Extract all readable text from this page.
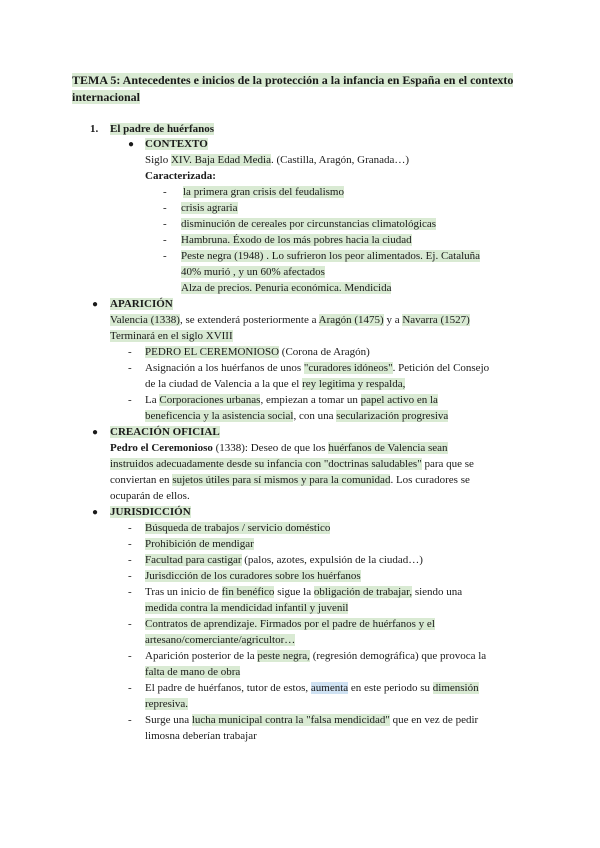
TEMA 5: Antecedentes e inicios de la protección a la infancia en España en el contexto internacional
1. El padre de huérfanos
● CONTEXTO
Siglo XIV. Baja Edad Media. (Castilla, Aragón, Granada…)
Caracterizada:
- la primera gran crisis del feudalismo
- crisis agraria
- disminución de cereales por circunstancias climatológicas
- Hambruna. Éxodo de los más pobres hacia la ciudad
- Peste negra (1948) . Lo sufrieron los peor alimentados. Ej. Cataluña
40% murió , y un 60% afectados
Alza de precios. Penuria económica. Mendicida
● APARICIÓN
Valencia (1338), se extenderá posteriormente a Aragón (1475) y a Navarra (1527)
Terminará en el siglo XVIII
- PEDRO EL CEREMONIOSO (Corona de Aragón)
- Asignación a los huérfanos de unos "curadores idóneos". Petición del Consejo
de la ciudad de Valencia a la que el rey legitima y respalda,
- La Corporaciones urbanas, empiezan a tomar un papel activo en la
beneficencia y la asistencia social, con una secularización progresiva
● CREACIÓN OFICIAL
Pedro el Ceremonioso (1338): Deseo de que los huérfanos de Valencia sean
instruidos adecuadamente desde su infancia con "doctrinas saludables" para que se
conviertan en sujetos útiles para sí mismos y para la comunidad. Los curadores se
ocuparán de ellos.
● JURISDICCIÓN
- Búsqueda de trabajos / servicio doméstico
- Prohibición de mendigar
- Facultad para castigar (palos, azotes, expulsión de la ciudad…)
- Jurisdicción de los curadores sobre los huérfanos
- Tras un inicio de fin benéfico sigue la obligación de trabajar, siendo una
medida contra la mendicidad infantil y juvenil
- Contratos de aprendizaje. Firmados por el padre de huérfanos y el
artesano/comerciante/agricultor…
- Aparición posterior de la peste negra, (regresión demográfica) que provoca la
falta de mano de obra
- El padre de huérfanos, tutor de estos, aumenta en este periodo su dimensión
represiva.
- Surge una lucha municipal contra la "falsa mendicidad" que en vez de pedir
limosna deberían trabajar
